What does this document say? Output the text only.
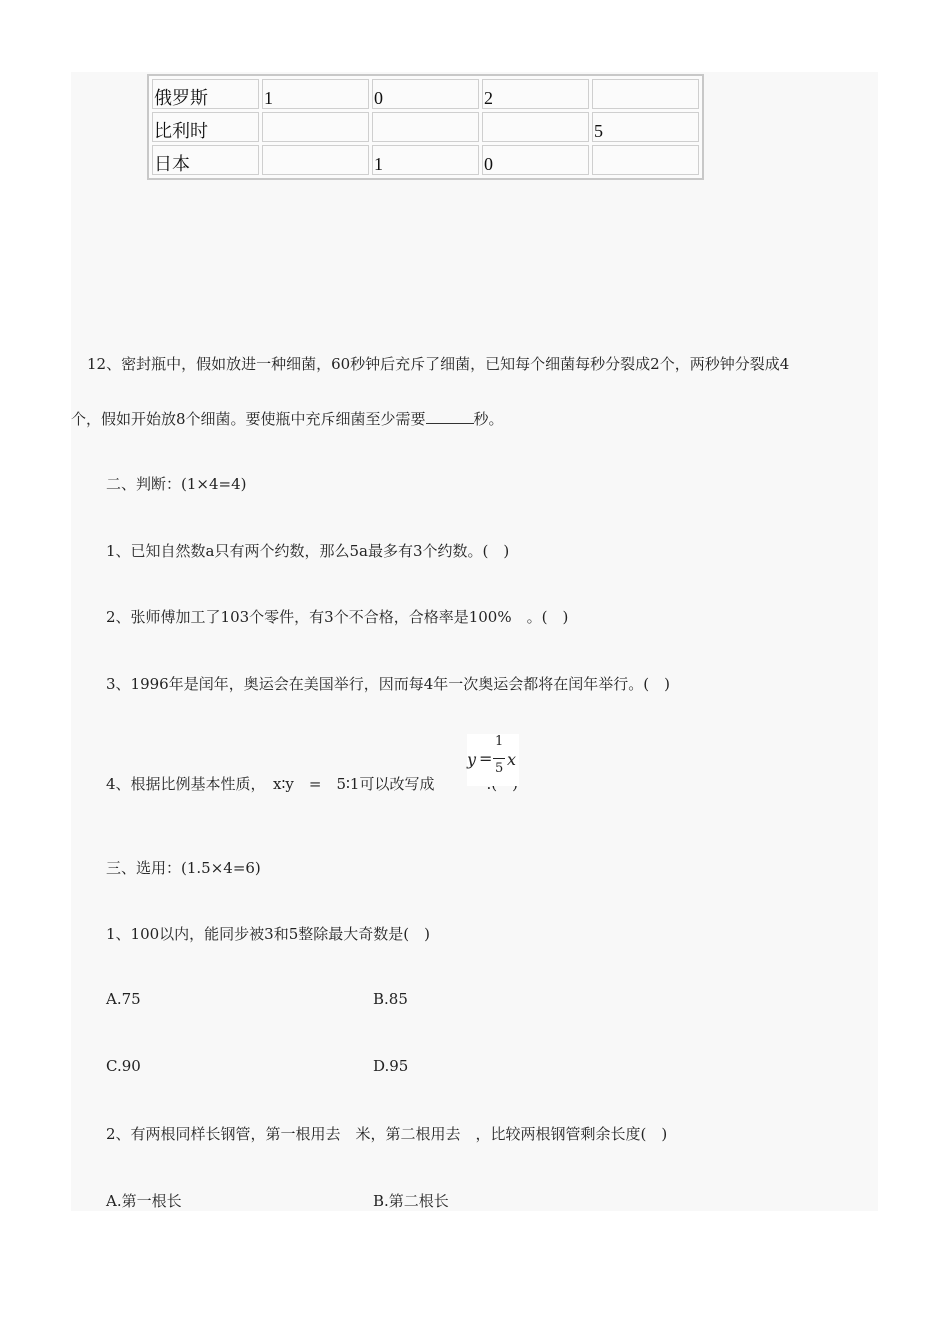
俄罗斯	1	0	2	
比利时				5
日本		1	0	
12、密封瓶中，假如放进一种细菌，60秒钟后充斥了细菌，已知每个细菌每秒分裂成2个，两秒钟分裂成4
个，假如开始放8个细菌。要使瓶中充斥细菌至少需要	秒。
二、判断：(1×4=4)
1、已知自然数a只有两个约数，那么5a最多有3个约数。(　)
2、张师傅加工了103个零件，有3个不合格，合格率是100%　。(　)
3、1996年是闰年，奥运会在美国举行，因而每4年一次奥运会都将在闰年举行。(　)
4、根据比例基本性质，　x∶y　=　5∶1可以改写成
y =
1
5 x
三、选用：(1.5×4=6)
1、100以内，能同步被3和5整除最大奇数是(　)
A.75	B.85
C.90	D.95
2、有两根同样长钢管，第一根用去　米，第二根用去　，比较两根钢管剩余长度(　)
A.第一根长	B.第二根长
